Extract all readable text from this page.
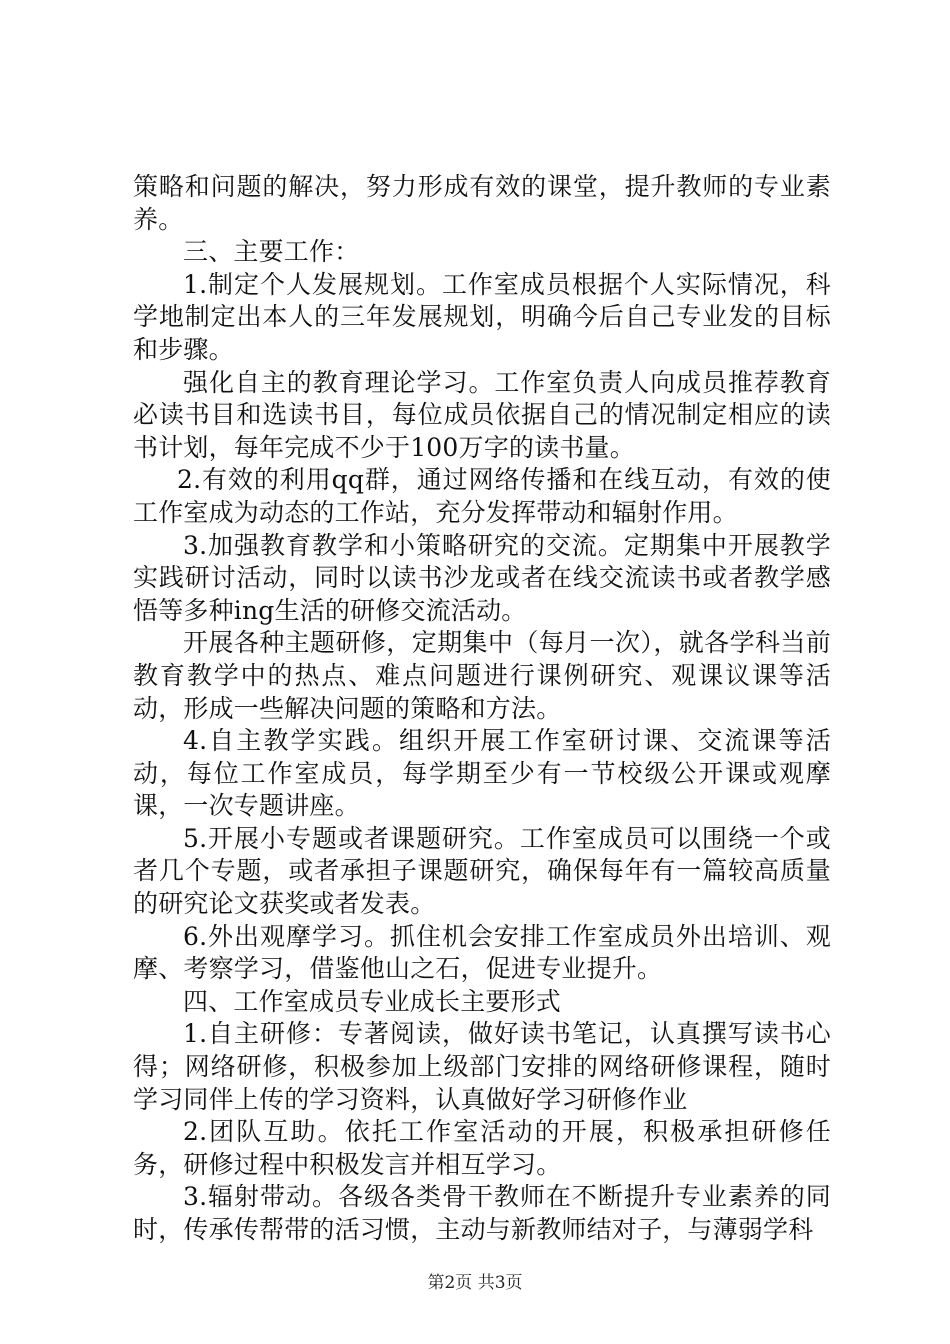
策略和问题的解决，努力形成有效的课堂，提升教师的专业素养。

三、主要工作：

1.制定个人发展规划。工作室成员根据个人实际情况，科学地制定出本人的三年发展规划，明确今后自己专业发的目标和步骤。

强化自主的教育理论学习。工作室负责人向成员推荐教育必读书目和选读书目，每位成员依据自己的情况制定相应的读书计划，每年完成不少于100万字的读书量。

2.有效的利用qq群，通过网络传播和在线互动，有效的使工作室成为动态的工作站，充分发挥带动和辐射作用。

3.加强教育教学和小策略研究的交流。定期集中开展教学实践研讨活动，同时以读书沙龙或者在线交流读书或者教学感悟等多种ing生活的研修交流活动。

开展各种主题研修，定期集中（每月一次），就各学科当前教育教学中的热点、难点问题进行课例研究、观课议课等活动，形成一些解决问题的策略和方法。

4.自主教学实践。组织开展工作室研讨课、交流课等活动，每位工作室成员，每学期至少有一节校级公开课或观摩课，一次专题讲座。

5.开展小专题或者课题研究。工作室成员可以围绕一个或者几个专题，或者承担子课题研究，确保每年有一篇较高质量的研究论文获奖或者发表。

6.外出观摩学习。抓住机会安排工作室成员外出培训、观摩、考察学习，借鉴他山之石，促进专业提升。

四、工作室成员专业成长主要形式

1.自主研修：专著阅读，做好读书笔记，认真撰写读书心得；网络研修，积极参加上级部门安排的网络研修课程，随时学习同伴上传的学习资料，认真做好学习研修作业

2.团队互助。依托工作室活动的开展，积极承担研修任务，研修过程中积极发言并相互学习。

3.辐射带动。各级各类骨干教师在不断提升专业素养的同时，传承传帮带的活习惯，主动与新教师结对子，与薄弱学科

第2页 共3页
